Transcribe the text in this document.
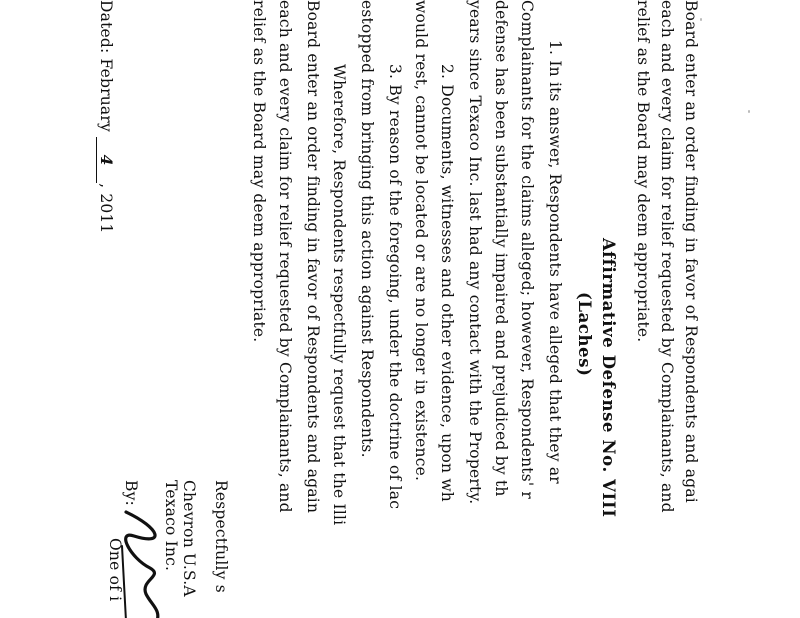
Board enter an order finding in favor of Respondents and agai
each and every claim for relief requested by Complainants, and
relief as the Board may deem appropriate.
Affirmative Defense No. VIII
(Laches)
1. In its answer, Respondents have alleged that they ar
Complainants for the claims alleged; however, Respondents' r
defense has been substantially impaired and prejudiced by th
years since Texaco Inc. last had any contact with the Property.
2. Documents, witnesses and other evidence, upon wh
would rest, cannot be located or are no longer in existence.
3. By reason of the foregoing, under the doctrine of lac
estopped from bringing this action against Respondents.
Wherefore, Respondents respectfully request that the Illi
Board enter an order finding in favor of Respondents and again
each and every claim for relief requested by Complainants, and
relief as the Board may deem appropriate.
Respectfully s
Chevron U.S.A
Texaco Inc.
By:
One of i
Dated: February 4, 2011
